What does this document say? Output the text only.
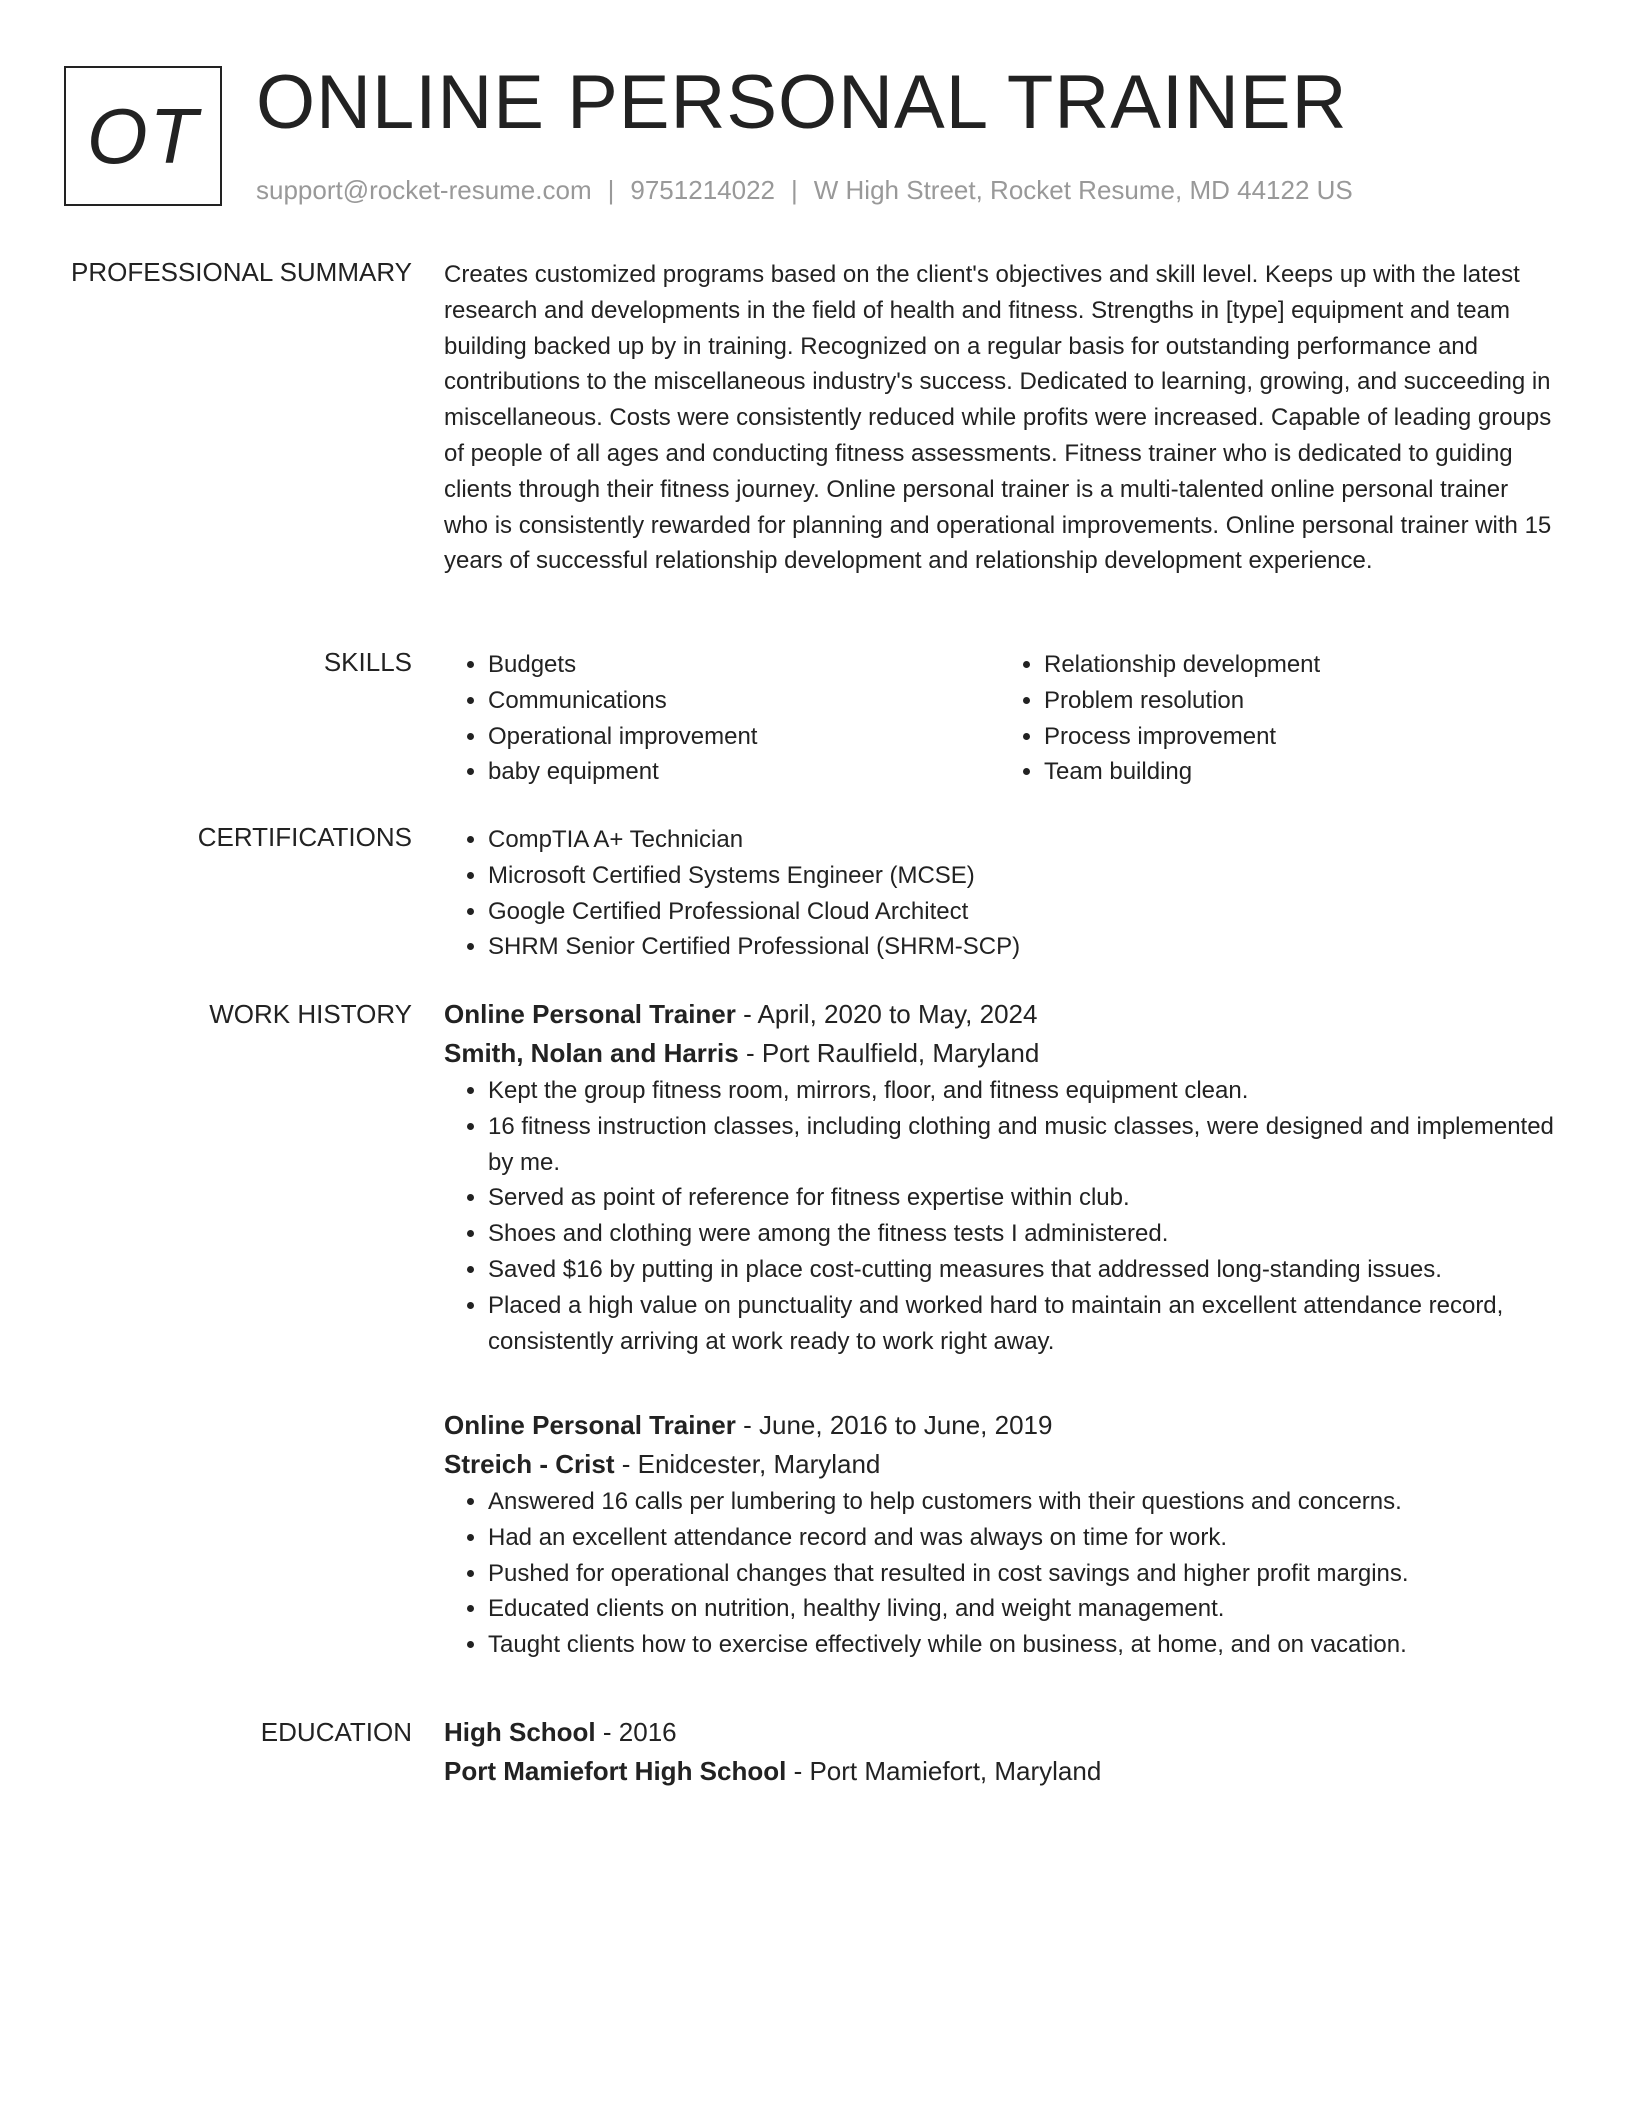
OT ONLINE PERSONAL TRAINER
support@rocket-resume.com | 9751214022 | W High Street, Rocket Resume, MD 44122 US
PROFESSIONAL SUMMARY Creates customized programs based on the client's objectives and skill level. Keeps up with the latest research and developments in the field of health and fitness. Strengths in [type] equipment and team building backed up by in training. Recognized on a regular basis for outstanding performance and contributions to the miscellaneous industry's success. Dedicated to learning, growing, and succeeding in miscellaneous. Costs were consistently reduced while profits were increased. Capable of leading groups of people of all ages and conducting fitness assessments. Fitness trainer who is dedicated to guiding clients through their fitness journey. Online personal trainer is a multi-talented online personal trainer who is consistently rewarded for planning and operational improvements. Online personal trainer with 15 years of successful relationship development and relationship development experience.

SKILLS	• Budgets
• Communications
• Operational improvement
• baby equipment
• Relationship development
• Problem resolution
• Process improvement
• Team building
CERTIFICATIONS	• CompTIA A+ Technician
• Microsoft Certified Systems Engineer (MCSE)
• Google Certified Professional Cloud Architect
• SHRM Senior Certified Professional (SHRM-SCP)
WORK HISTORY Online Personal Trainer - April, 2020 to May, 2024
Smith, Nolan and Harris - Port Raulfield, Maryland
• Kept the group fitness room, mirrors, floor, and fitness equipment clean.
• 16 fitness instruction classes, including clothing and music classes, were designed and implemented by me.
• Served as point of reference for fitness expertise within club.
• Shoes and clothing were among the fitness tests I administered.
• Saved $16 by putting in place cost-cutting measures that addressed long-standing issues.
• Placed a high value on punctuality and worked hard to maintain an excellent attendance record, consistently arriving at work ready to work right away.
Online Personal Trainer - June, 2016 to June, 2019
Streich - Crist - Enidcester, Maryland
• Answered 16 calls per lumbering to help customers with their questions and concerns.
• Had an excellent attendance record and was always on time for work.
• Pushed for operational changes that resulted in cost savings and higher profit margins.
• Educated clients on nutrition, healthy living, and weight management.
• Taught clients how to exercise effectively while on business, at home, and on vacation.
EDUCATION High School - 2016
Port Mamiefort High School - Port Mamiefort, Maryland
